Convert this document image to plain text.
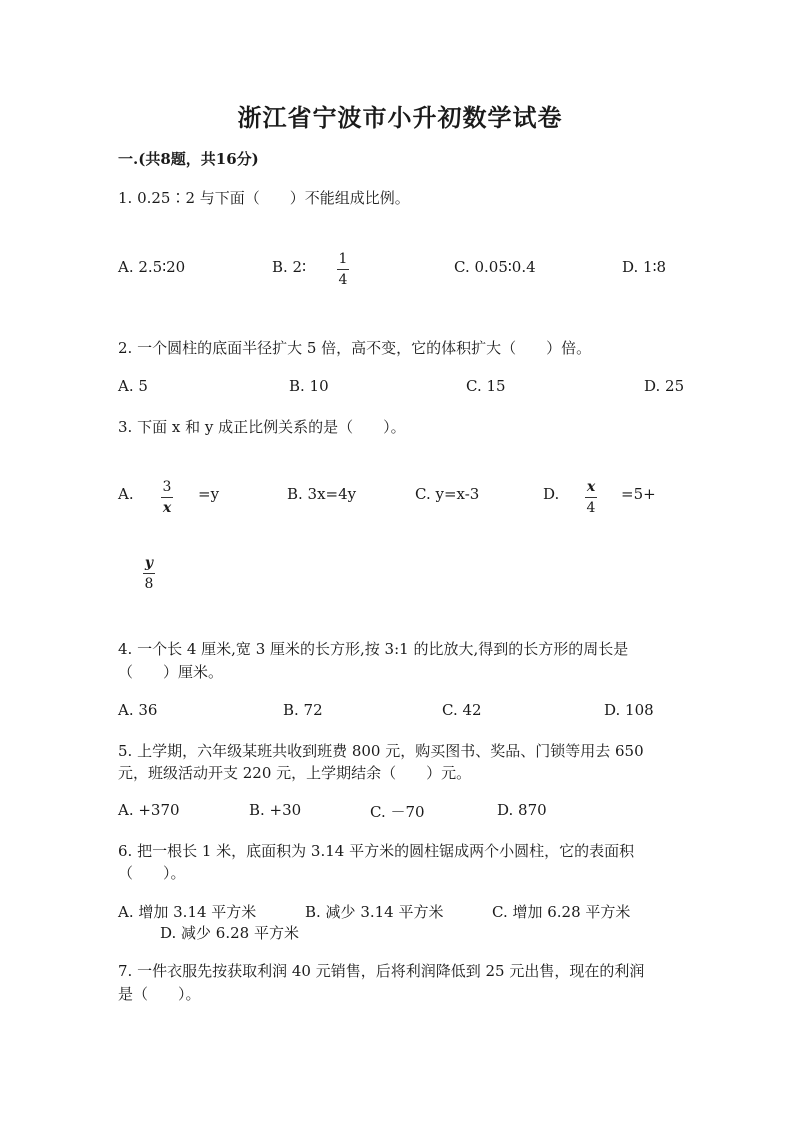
浙江省宁波市小升初数学试卷
一.(共8题，共16分)
1. 0.25∶2 与下面（　　）不能组成比例。
A. 2.5∶20	B. 2∶ 1
4
C. 0.05∶0.4	D. 1∶8
2. 一个圆柱的底面半径扩大 5 倍，高不变，它的体积扩大（　　）倍。
A. 5	B. 10	C. 15	D. 25
3. 下面 x 和 y 成正比例关系的是（　　）。
A. 3
x
=y	B. 3x=4y	C. y=x-3	D. x
4
=5+
y
8
4. 一个长 4 厘米,宽 3 厘米的长方形,按 3:1 的比放大,得到的长方形的周长是
（　　）厘米。
A. 36	B. 72	C. 42	D. 108
5. 上学期，六年级某班共收到班费 800 元，购买图书、奖品、门锁等用去 650
元，班级活动开支 220 元，上学期结余（　　）元。
A. +370	B. +30	C. －70	D. 870
6. 把一根长 1 米，底面积为 3.14 平方米的圆柱锯成两个小圆柱，它的表面积
（　　）。
A. 增加 3.14 平方米	B. 减少 3.14 平方米	C. 增加 6.28 平方米
D. 减少 6.28 平方米
7. 一件衣服先按获取利润 40 元销售，后将利润降低到 25 元出售，现在的利润
是（　　）。
